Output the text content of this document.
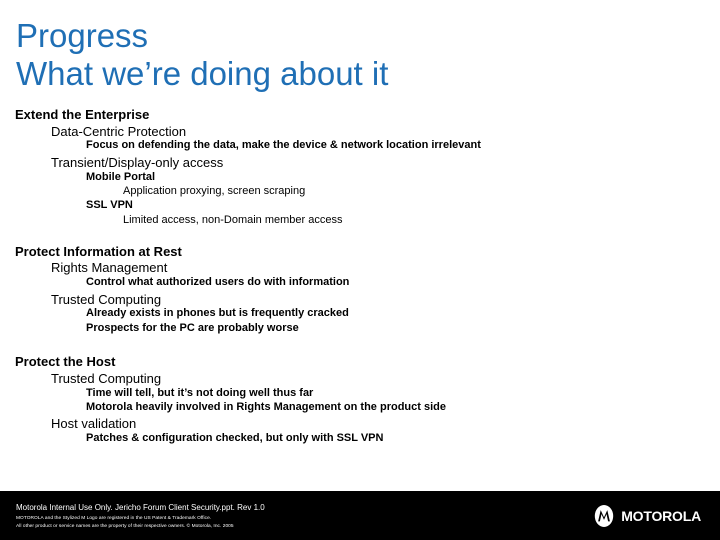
Progress
What we’re doing about it
Extend the Enterprise
Data-Centric Protection
Focus on defending the data, make the device & network location irrelevant
Transient/Display-only access
Mobile Portal
Application proxying, screen scraping
SSL VPN
Limited access, non-Domain member access
Protect Information at Rest
Rights Management
Control what authorized users do with information
Trusted Computing
Already exists in phones but is frequently cracked
Prospects for the PC are probably worse
Protect the Host
Trusted Computing
Time will tell, but it’s not doing well thus far
Motorola heavily involved in Rights Management on the product side
Host validation
Patches & configuration checked, but only with SSL VPN
Motorola Internal Use Only. Jericho Forum Client Security.ppt. Rev 1.0
MOTOROLA and the Stylized M Logo are registered in the US Patent & Trademark Office.
All other product or service names are the property of their respective owners. © Motorola, Inc. 2005
MOTOROLA
